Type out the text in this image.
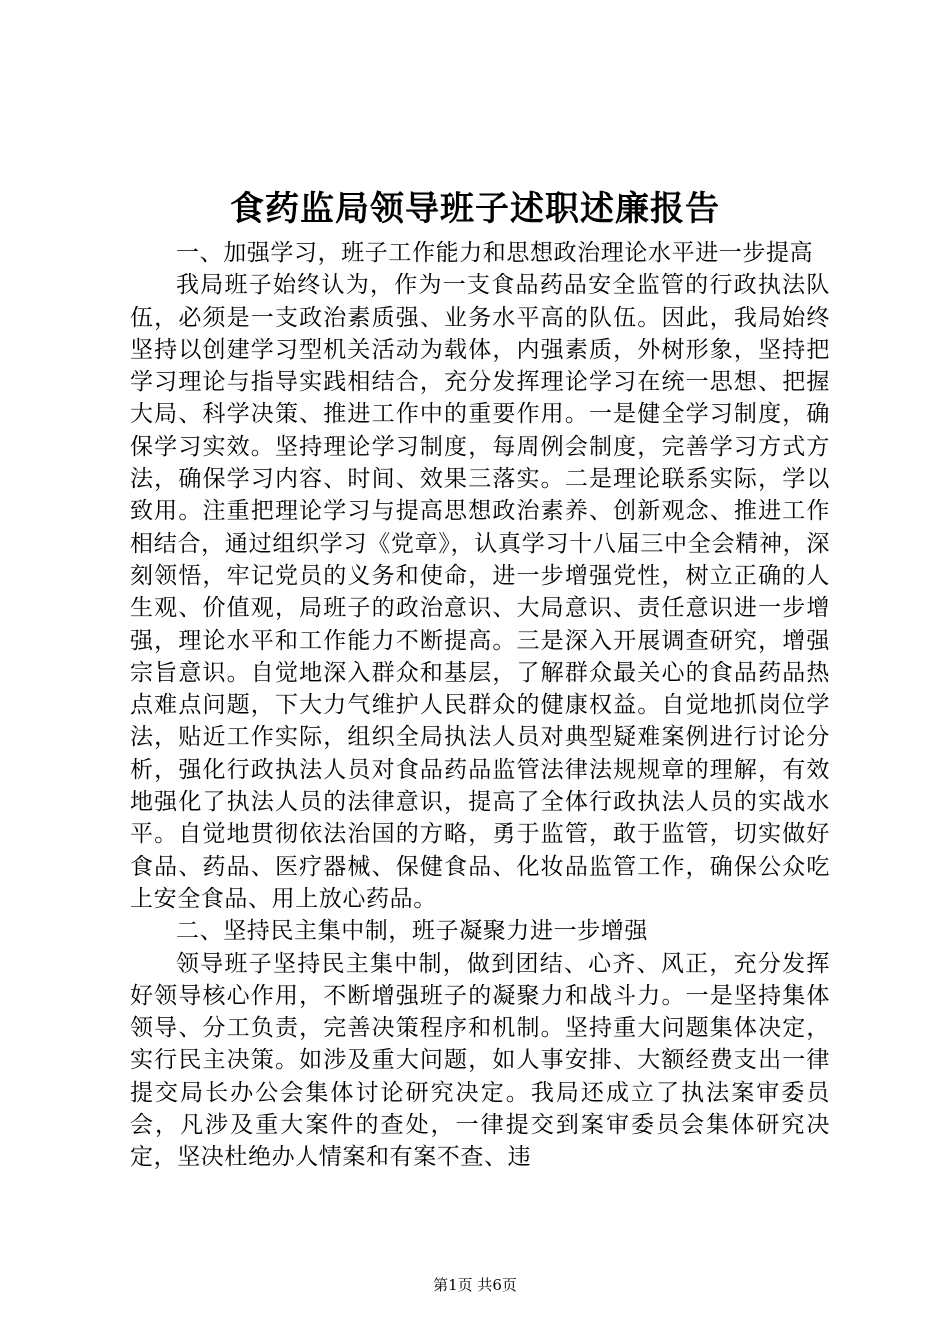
食药监局领导班子述职述廉报告

一、加强学习，班子工作能力和思想政治理论水平进一步提高

我局班子始终认为，作为一支食品药品安全监管的行政执法队伍，必须是一支政治素质强、业务水平高的队伍。因此，我局始终坚持以创建学习型机关活动为载体，内强素质，外树形象，坚持把学习理论与指导实践相结合，充分发挥理论学习在统一思想、把握大局、科学决策、推进工作中的重要作用。一是健全学习制度，确保学习实效。坚持理论学习制度，每周例会制度，完善学习方式方法，确保学习内容、时间、效果三落实。二是理论联系实际，学以致用。注重把理论学习与提高思想政治素养、创新观念、推进工作相结合，通过组织学习《党章》，认真学习十八届三中全会精神，深刻领悟，牢记党员的义务和使命，进一步增强党性，树立正确的人生观、价值观，局班子的政治意识、大局意识、责任意识进一步增强，理论水平和工作能力不断提高。三是深入开展调查研究，增强宗旨意识。自觉地深入群众和基层，了解群众最关心的食品药品热点难点问题，下大力气维护人民群众的健康权益。自觉地抓岗位学法，贴近工作实际，组织全局执法人员对典型疑难案例进行讨论分析，强化行政执法人员对食品药品监管法律法规规章的理解，有效地强化了执法人员的法律意识，提高了全体行政执法人员的实战水平。自觉地贯彻依法治国的方略，勇于监管，敢于监管，切实做好食品、药品、医疗器械、保健食品、化妆品监管工作，确保公众吃上安全食品、用上放心药品。

二、坚持民主集中制，班子凝聚力进一步增强

领导班子坚持民主集中制，做到团结、心齐、风正，充分发挥好领导核心作用，不断增强班子的凝聚力和战斗力。一是坚持集体领导、分工负责，完善决策程序和机制。坚持重大问题集体决定，实行民主决策。如涉及重大问题，如人事安排、大额经费支出一律提交局长办公会集体讨论研究决定。我局还成立了执法案审委员会，凡涉及重大案件的查处，一律提交到案审委员会集体研究决定，坚决杜绝办人情案和有案不查、违

第1页 共6页
